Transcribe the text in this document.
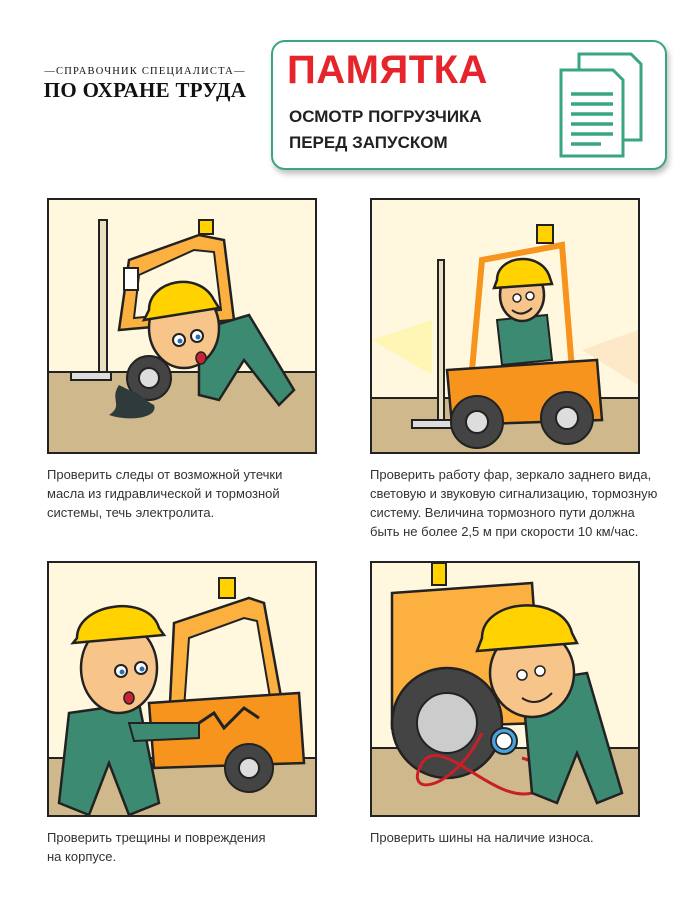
—СПРАВОЧНИК СПЕЦИАЛИСТА—
ПО ОХРАНЕ ТРУДА ПАМЯТКА
ОСМОТР ПОГРУЗЧИКА
ПЕРЕД ЗАПУСКОМ
Проверить следы от возможной утечки
масла из гидравлической и тормозной
системы, течь электролита.
Проверить работу фар, зеркало заднего вида,
световую и звуковую сигнализацию, тормозную
систему. Величина тормозного пути должна
быть не более 2,5 м при скорости 10 км/час.
Проверить трещины и повреждения
на корпусе.
Проверить шины на наличие износа.
